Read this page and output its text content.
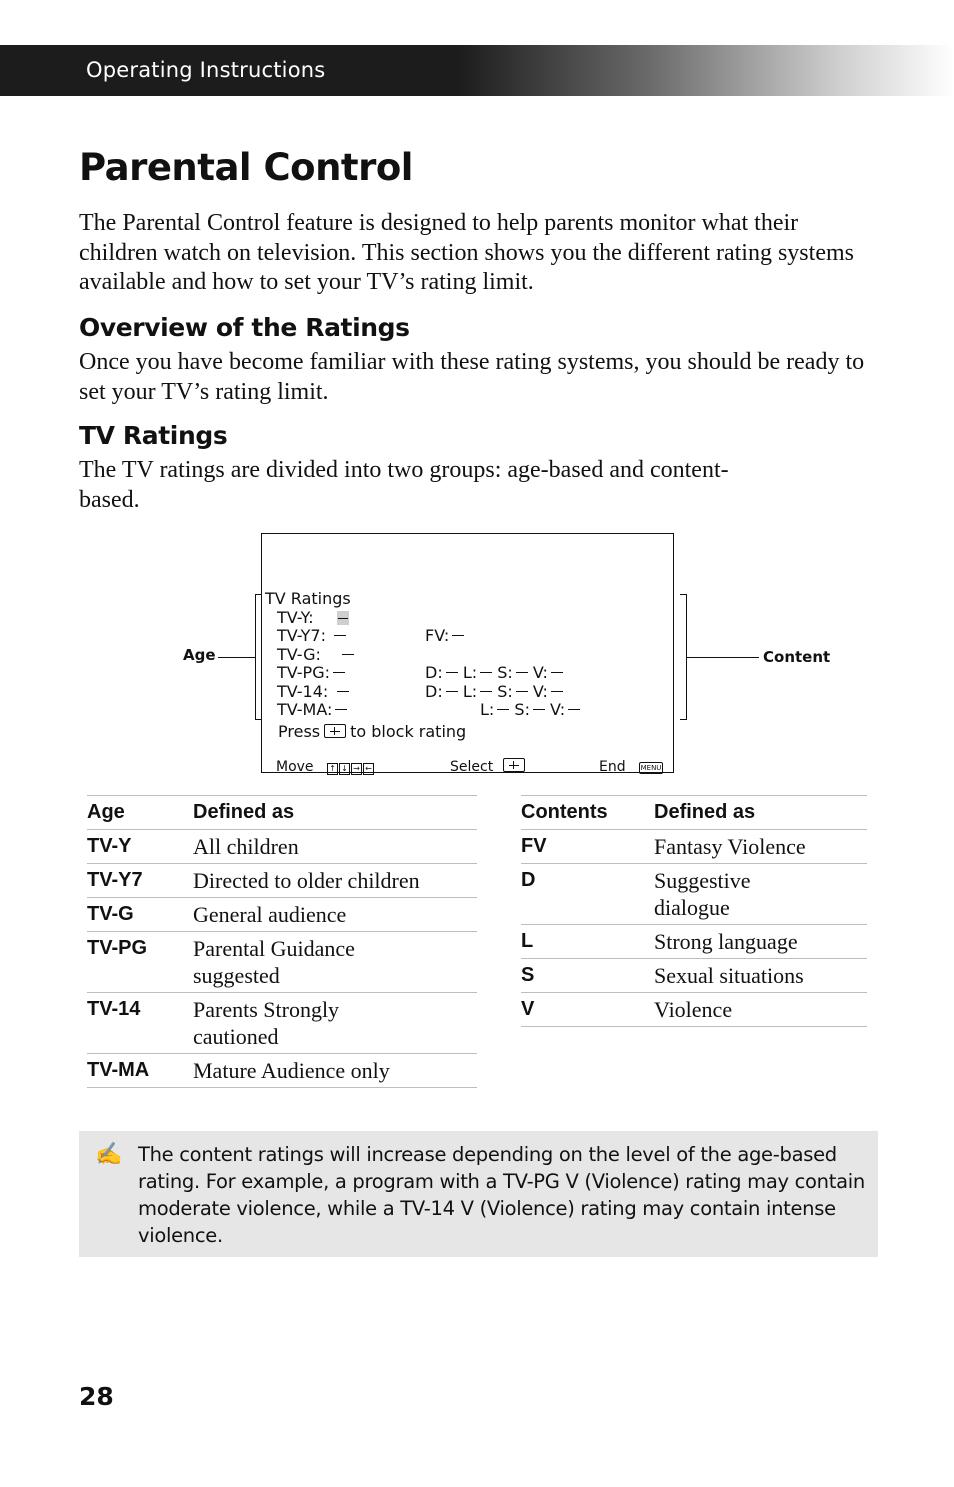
Operating Instructions
Parental Control

The Parental Control feature is designed to help parents monitor what their children watch on television. This section shows you the different rating systems available and how to set your TV’s rating limit.

Overview of the Ratings

Once you have become familiar with these rating systems, you should be ready to set your TV’s rating limit.

TV Ratings

The TV ratings are divided into two groups: age-based and content-based.

Age	Content
TV Ratings
TV-Y:
TV-Y7:	FV:
TV-G:
TV-PG:	D: L: S: V:
TV-14:	D: L: S: V:
TV-MA:	L: S: V:
Press to block rating
Move ↑ ↓ → ←	Select	End MENU
Age	Defined as
TV-Y	All children
TV-Y7	Directed to older children
TV-G	General audience
TV-PG	Parental Guidance suggested
TV-14	Parents Strongly cautioned
TV-MA	Mature Audience only
Contents	Defined as
FV	Fantasy Violence
D	Suggestive dialogue
L	Strong language
S	Sexual situations
V	Violence
✍ The content ratings will increase depending on the level of the age-based rating. For example, a program with a TV-PG V (Violence) rating may contain moderate violence, while a TV-14 V (Violence) rating may contain intense violence.

28
